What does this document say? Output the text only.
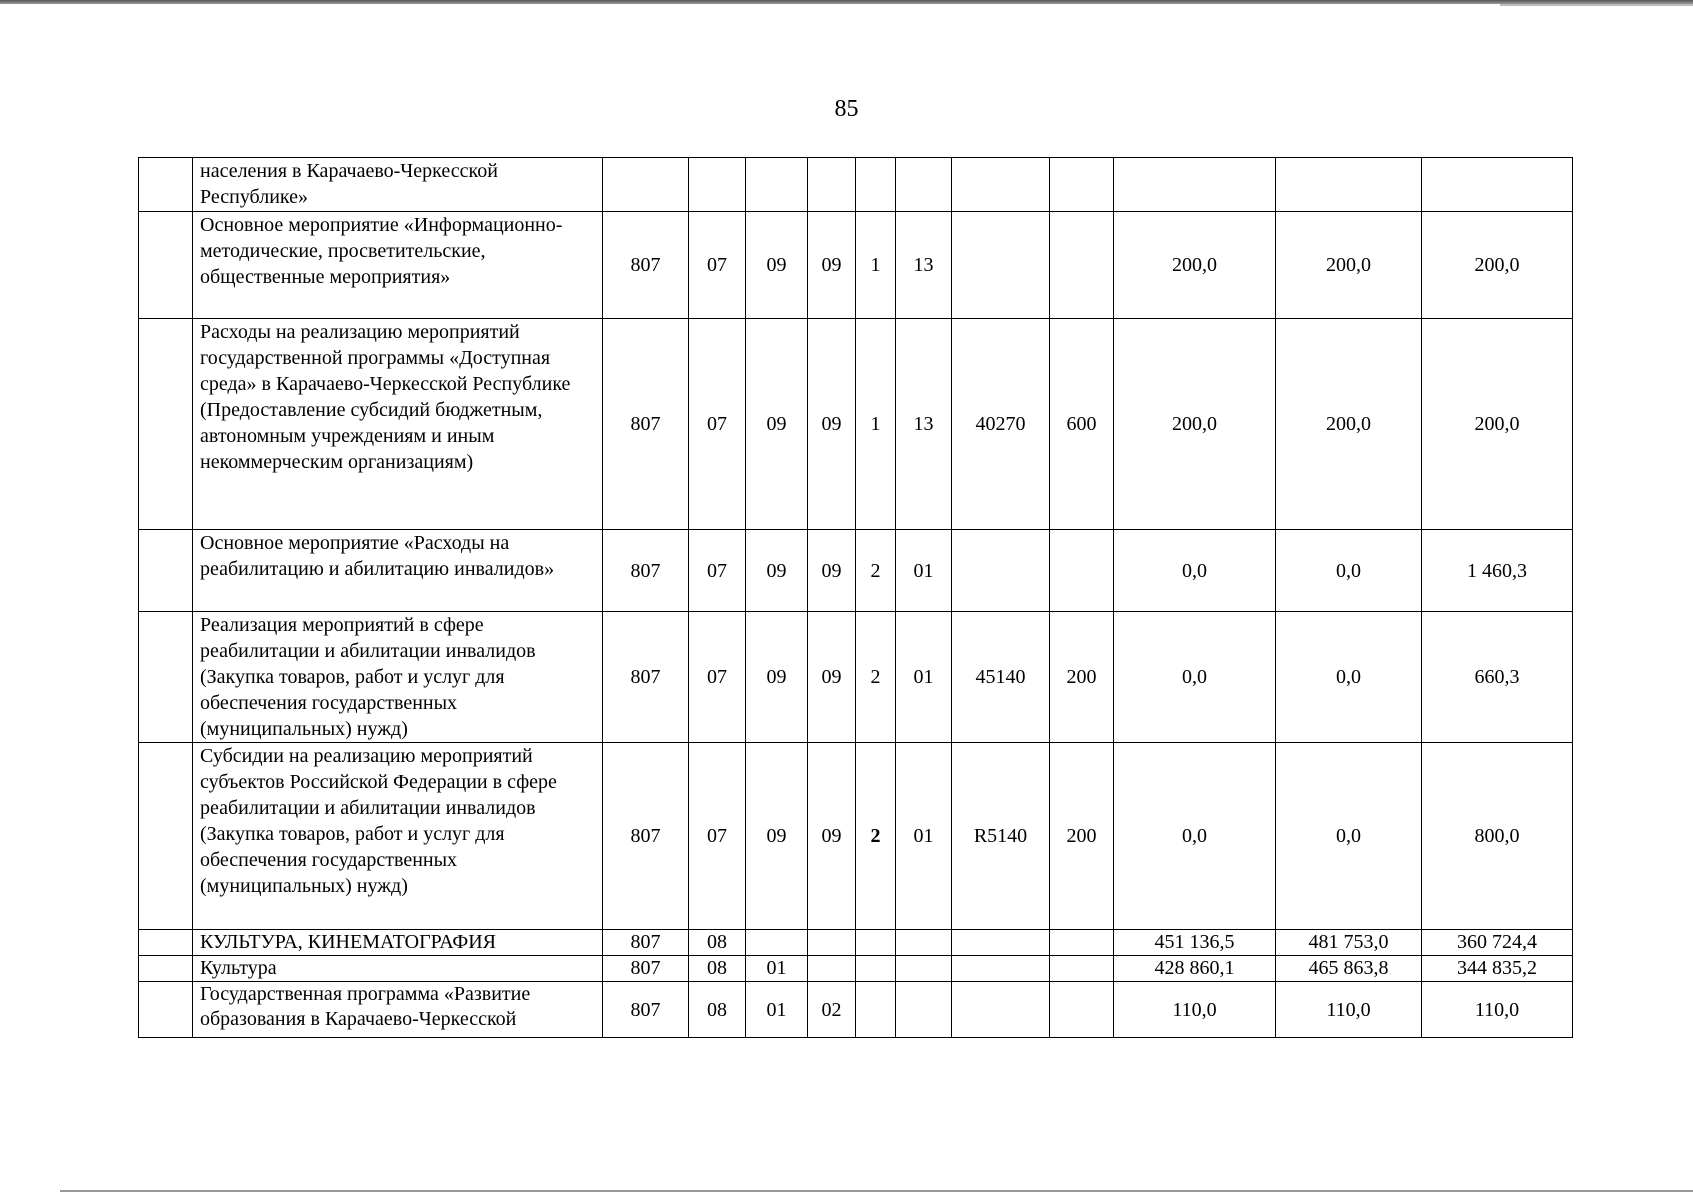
85
	населения в Карачаево-Черкесской Республике»											
	Основное мероприятие «Информационно-методические, просветительские, общественные мероприятия»	807	07	09	09	1	13			200,0	200,0	200,0
	Расходы на реализацию мероприятий государственной программы «Доступная среда» в Карачаево-Черкесской Республике (Предоставление субсидий бюджетным, автономным учреждениям и иным некоммерческим организациям)	807	07	09	09	1	13	40270	600	200,0	200,0	200,0
	Основное мероприятие «Расходы на реабилитацию и абилитацию инвалидов»	807	07	09	09	2	01			0,0	0,0	1 460,3
	Реализация мероприятий в сфере реабилитации и абилитации инвалидов (Закупка товаров, работ и услуг для обеспечения государственных (муниципальных) нужд)	807	07	09	09	2	01	45140	200	0,0	0,0	660,3
	Субсидии на реализацию мероприятий субъектов Российской Федерации в сфере реабилитации и абилитации инвалидов (Закупка товаров, работ и услуг для обеспечения государственных (муниципальных) нужд)	807	07	09	09	2	01	R5140	200	0,0	0,0	800,0
	КУЛЬТУРА, КИНЕМАТОГРАФИЯ	807	08							451 136,5	481 753,0	360 724,4
	Культура	807	08	01						428 860,1	465 863,8	344 835,2
	Государственная программа «Развитие образования в Карачаево-Черкесской	807	08	01	02					110,0	110,0	110,0
